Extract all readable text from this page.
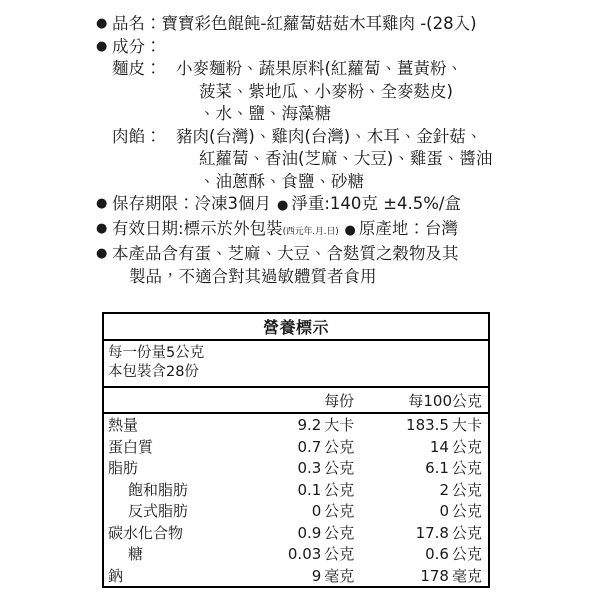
●
品名：寶寶彩色餛飩-紅蘿蔔菇菇木耳雞肉 -(28入)
●
成分：
麵皮： 小麥麵粉、蔬果原料(紅蘿蔔、薑黃粉、
菠菜、紫地瓜、小麥粉、全麥麩皮)
、水、鹽、海藻糖
肉餡： 豬肉(台灣)、雞肉(台灣)、木耳、金針菇、
紅蘿蔔、香油(芝麻、大豆)、雞蛋、醬油
、油蔥酥、食鹽、砂糖
●
保存期限：冷凍3個月 ● 淨重:140克 ±4.5%/盒
●
有效日期:標示於外包裝(西元年.月.日) ● 原產地：台灣
●
本產品含有蛋、芝麻、大豆、含麩質之穀物及其
製品，不適合對其過敏體質者食用
營養標示		

每一份量5公克
本包裝含28份		

	每份	每100公克
熱量	9.2 大卡	183.5 大卡
蛋白質	0.7 公克	14 公克
脂肪	0.3 公克	6.1 公克
飽和脂肪	0.1 公克	2 公克
反式脂肪	0 公克	0 公克
碳水化合物	0.9 公克	17.8 公克
糖	0.03 公克	0.6 公克
鈉	9 毫克	178 毫克
